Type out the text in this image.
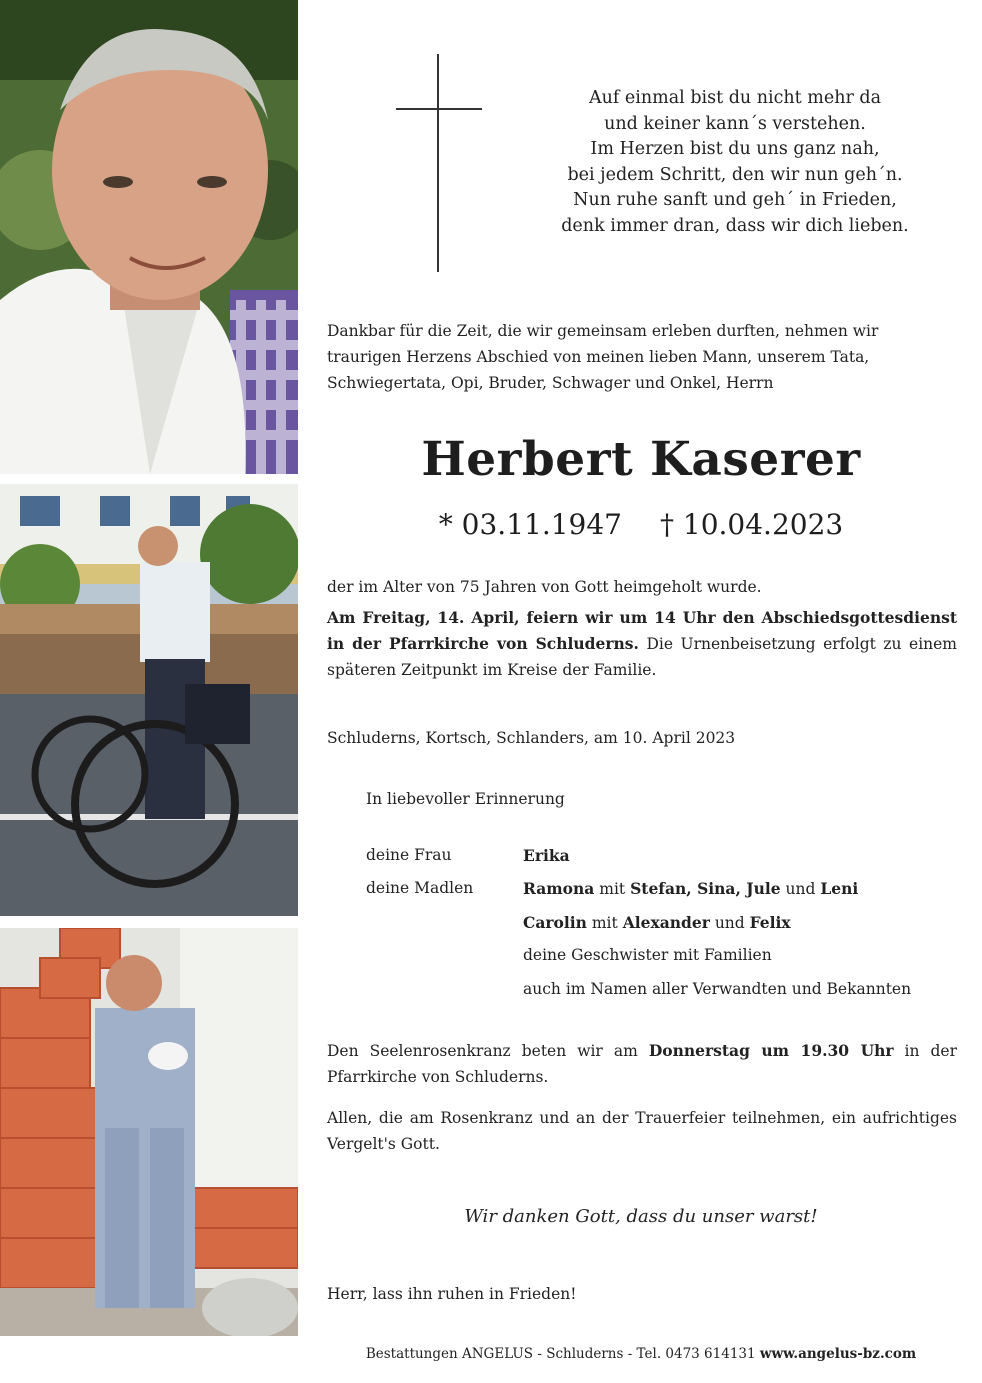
Auf einmal bist du nicht mehr da
und keiner kann´s verstehen.
Im Herzen bist du uns ganz nah,
bei jedem Schritt, den wir nun geh´n.
Nun ruhe sanft und geh´ in Frieden,
denk immer dran, dass wir dich lieben.

Dankbar für die Zeit, die wir gemeinsam erleben durften, nehmen wir traurigen Herzens Abschied von meinen lieben Mann, unserem Tata, Schwiegertata, Opi, Bruder, Schwager und Onkel, Herrn

Herbert Kaserer
* 03.11.1947 † 10.04.2023

der im Alter von 75 Jahren von Gott heimgeholt wurde.

Am Freitag, 14. April, feiern wir um 14 Uhr den Abschiedsgottesdienst in der Pfarrkirche von Schluderns. Die Urnenbeisetzung erfolgt zu einem späteren Zeitpunkt im Kreise der Familie.

Schluderns, Kortsch, Schlanders, am 10. April 2023

In liebevoller Erinnerung
deine Frau	Erika
deine Madlen	Ramona mit Stefan, Sina, Jule und Leni
Carolin mit Alexander und Felix
deine Geschwister mit Familien
auch im Namen aller Verwandten und Bekannten

Den Seelenrosenkranz beten wir am Donnerstag um 19.30 Uhr in der Pfarrkirche von Schluderns.

Allen, die am Rosenkranz und an der Trauerfeier teilnehmen, ein aufrichtiges Vergelt's Gott.

Wir danken Gott, dass du unser warst!

Herr, lass ihn ruhen in Frieden!

Bestattungen ANGELUS - Schluderns - Tel. 0473 614131 www.angelus-bz.com
